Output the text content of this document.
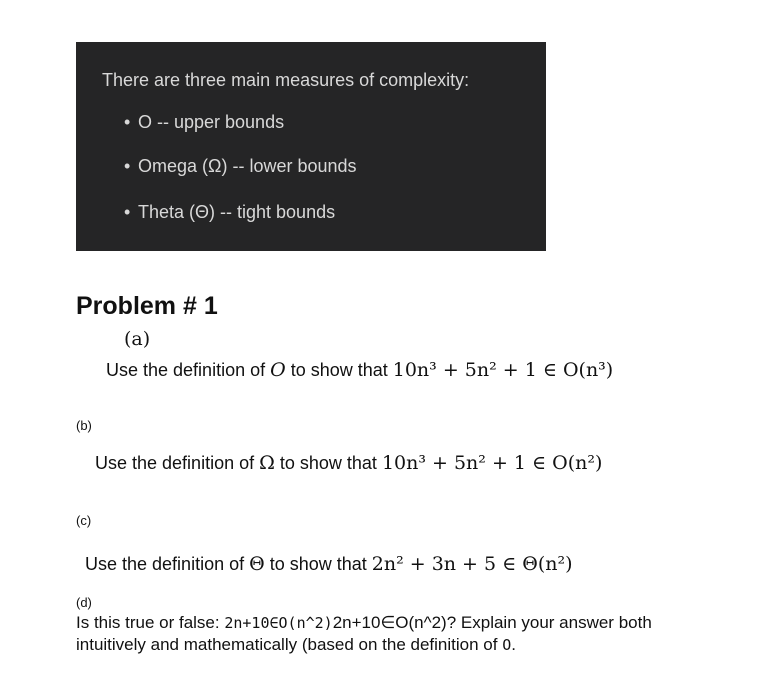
There are three main measures of complexity:
• O -- upper bounds
• Omega (Ω) -- lower bounds
• Theta (Θ) -- tight bounds
Problem # 1
(a)
Use the definition of O to show that 10n³ + 5n² + 1 ∈ O(n³)
(b)
Use the definition of Ω to show that 10n³ + 5n² + 1 ∈ O(n²)
(c)
Use the definition of Θ to show that 2n² + 3n + 5 ∈ Θ(n²)
(d)
Is this true or false: 2n+10∈O(n^2)2n+10∈O(n^2)? Explain your answer both intuitively and mathematically (based on the definition of O.
